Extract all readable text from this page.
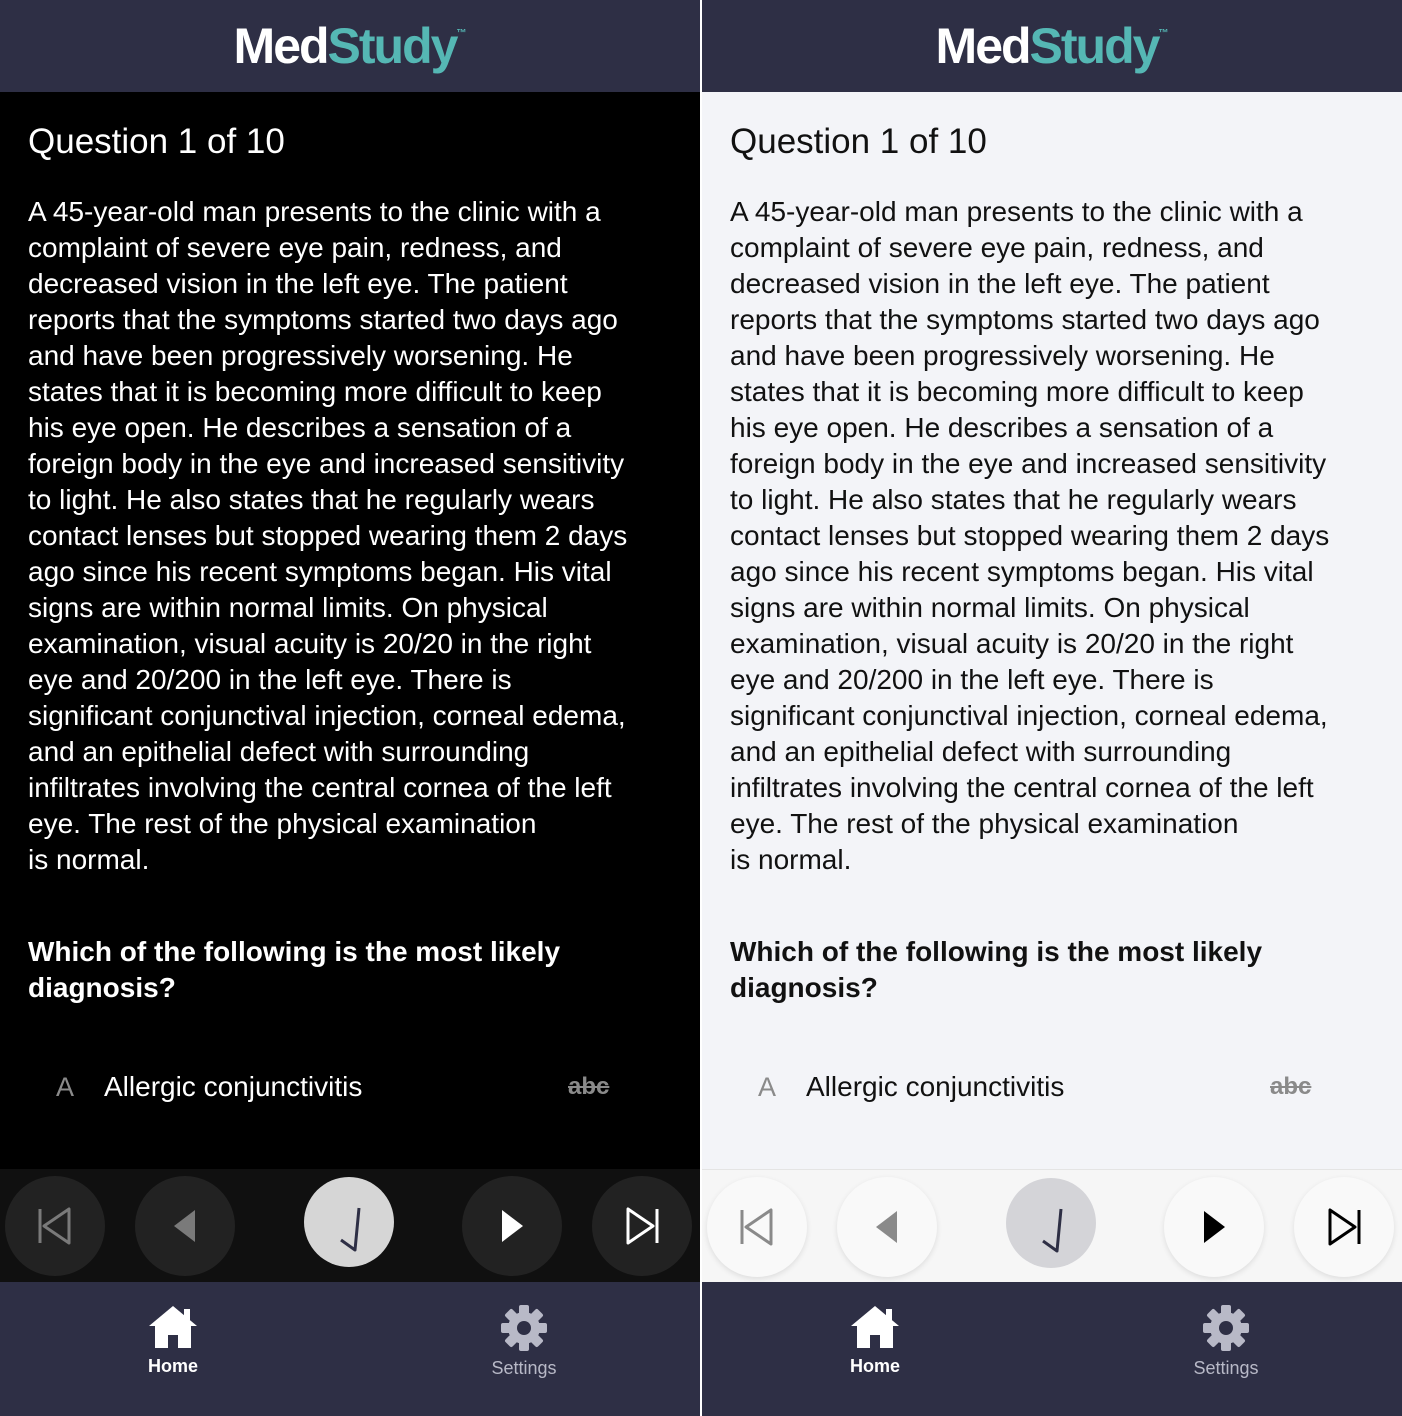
MedStudy™
Question 1 of 10
A 45-year-old man presents to the clinic with a
complaint of severe eye pain, redness, and
decreased vision in the left eye. The patient
reports that the symptoms started two days ago
and have been progressively worsening. He
states that it is becoming more difficult to keep
his eye open. He describes a sensation of a
foreign body in the eye and increased sensitivity
to light. He also states that he regularly wears
contact lenses but stopped wearing them 2 days
ago since his recent symptoms began. His vital
signs are within normal limits. On physical
examination, visual acuity is 20/20 in the right
eye and 20/200 in the left eye. There is
significant conjunctival injection, corneal edema,
and an epithelial defect with surrounding
infiltrates involving the central cornea of the left
eye. The rest of the physical examination
is normal.
Which of the following is the most likely diagnosis?
A Allergic conjunctivitis	abc
Home	Settings
MedStudy™
Question 1 of 10
A 45-year-old man presents to the clinic with a
complaint of severe eye pain, redness, and
decreased vision in the left eye. The patient
reports that the symptoms started two days ago
and have been progressively worsening. He
states that it is becoming more difficult to keep
his eye open. He describes a sensation of a
foreign body in the eye and increased sensitivity
to light. He also states that he regularly wears
contact lenses but stopped wearing them 2 days
ago since his recent symptoms began. His vital
signs are within normal limits. On physical
examination, visual acuity is 20/20 in the right
eye and 20/200 in the left eye. There is
significant conjunctival injection, corneal edema,
and an epithelial defect with surrounding
infiltrates involving the central cornea of the left
eye. The rest of the physical examination
is normal.
Which of the following is the most likely diagnosis?
A Allergic conjunctivitis	abc
Home	Settings
